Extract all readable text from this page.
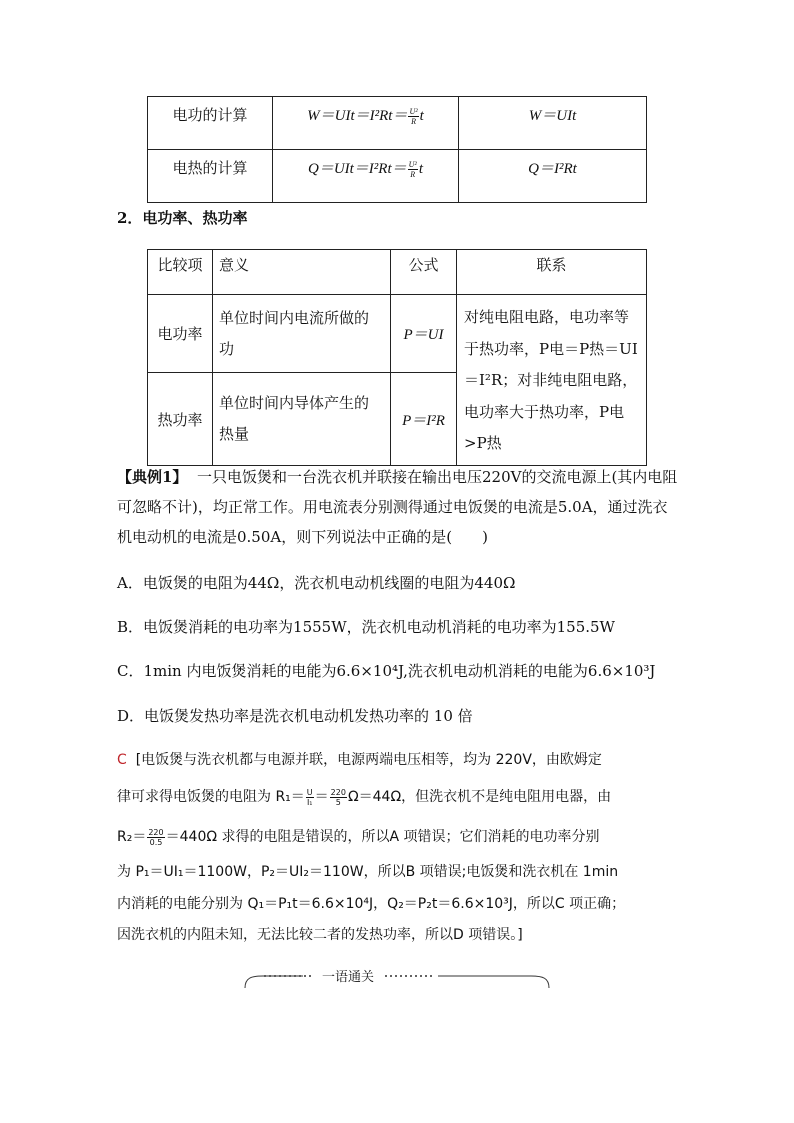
电功的计算	$W=UIt=I^2Rt= \frac{\text{U²}}{R}$ t	W＝UIt
电热的计算	$Q=UIt=I^2Rt= \frac{\text{U²}}{R}$ t	Q＝I²Rt
2．电功率、热功率
比较项	意义	公式	联系
电功率	单位时间内电流所做的功	P＝UI	对纯电阻电路，电功率等于热功率，P电＝P热＝UI＝I²R；对非纯电阻电路，电功率大于热功率，P电>P热
热功率	单位时间内导体产生的热量	P＝I²R	
【典例1】 一只电饭煲和一台洗衣机并联接在输出电压220V的交流电源上(其内电阻可忽略不计)，均正常工作。用电流表分别测得通过电饭煲的电流是5.0A，通过洗衣机电动机的电流是0.50A，则下列说法中正确的是(　　)
A．电饭煲的电阻为44Ω，洗衣机电动机线圈的电阻为440Ω
B．电饭煲消耗的电功率为1555W，洗衣机电动机消耗的电功率为155.5W
C．1min 内电饭煲消耗的电能为6.6×10⁴J,洗衣机电动机消耗的电能为6.6×10³J
D．电饭煲发热功率是洗衣机电动机发热功率的 10 倍
C [电饭煲与洗衣机都与电源并联，电源两端电压相等，均为 220V，由欧姆定
律可求得电饭煲的电阻为 $R_1= \frac{U}{\text{I₁}} = \frac{220}{5} \Omega=44\Omega$，但洗衣机不是纯电阻用电器，由
$R_2= \frac{220}{0.5} =440\Omega$ 求得的电阻是错误的，所以A 项错误；它们消耗的电功率分别
为 P₁＝UI₁＝1100W，P₂＝UI₂＝110W，所以B 项错误;电饭煲和洗衣机在 1min
内消耗的电能分别为 Q₁＝P₁t＝6.6×10⁴J，Q₂＝P₂t＝6.6×10³J，所以C 项正确；
因洗衣机的内阻未知，无法比较二者的发热功率，所以D 项错误。]
一语通关
